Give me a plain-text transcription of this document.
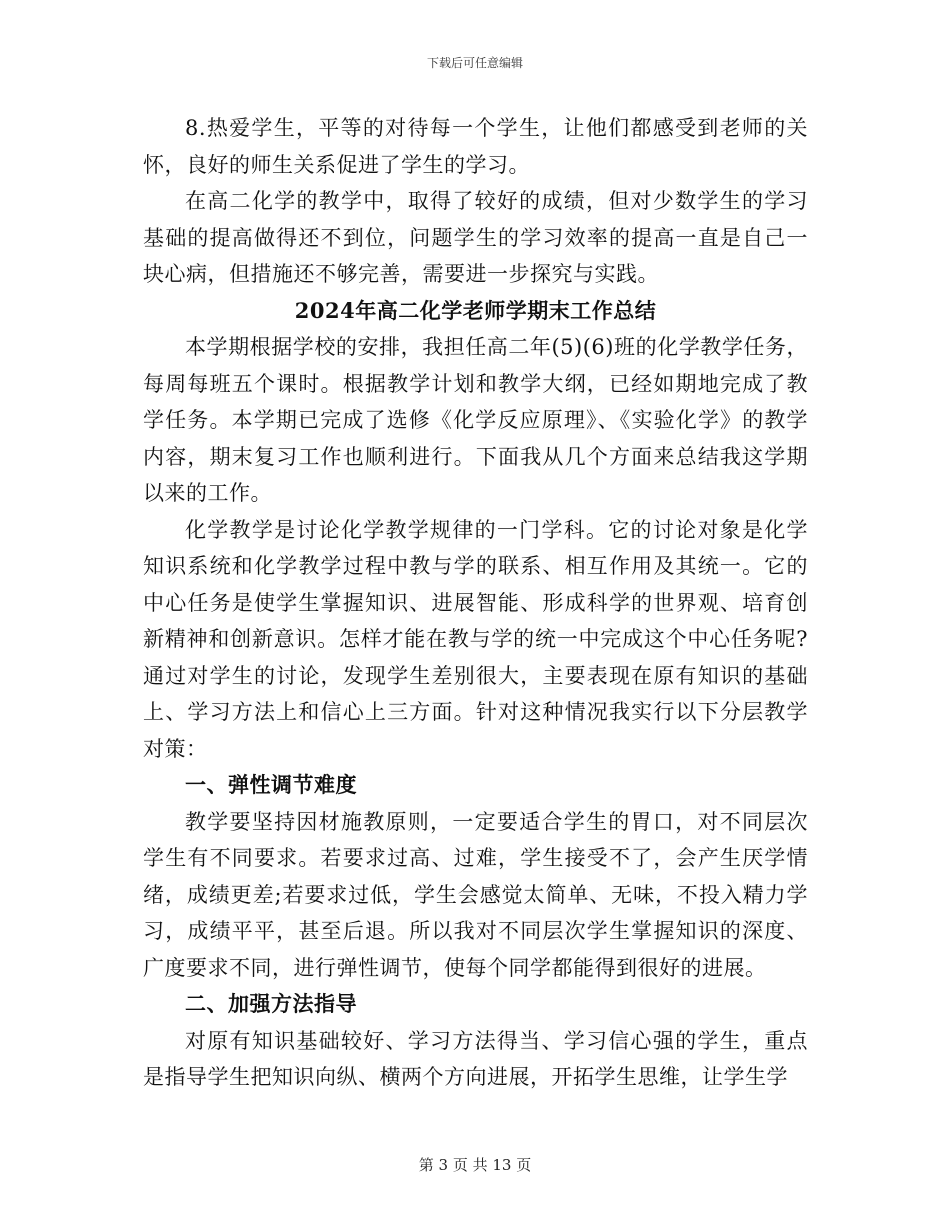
下载后可任意编辑

8.热爱学生，平等的对待每一个学生，让他们都感受到老师的关怀，良好的师生关系促进了学生的学习。

在高二化学的教学中，取得了较好的成绩，但对少数学生的学习基础的提高做得还不到位，问题学生的学习效率的提高一直是自己一块心病，但措施还不够完善，需要进一步探究与实践。

2024年高二化学老师学期末工作总结

本学期根据学校的安排，我担任高二年(5)(6)班的化学教学任务，每周每班五个课时。根据教学计划和教学大纲，已经如期地完成了教学任务。本学期已完成了选修《化学反应原理》、《实验化学》的教学内容，期末复习工作也顺利进行。下面我从几个方面来总结我这学期以来的工作。

化学教学是讨论化学教学规律的一门学科。它的讨论对象是化学知识系统和化学教学过程中教与学的联系、相互作用及其统一。它的中心任务是使学生掌握知识、进展智能、形成科学的世界观、培育创新精神和创新意识。怎样才能在教与学的统一中完成这个中心任务呢?通过对学生的讨论，发现学生差别很大，主要表现在原有知识的基础上、学习方法上和信心上三方面。针对这种情况我实行以下分层教学对策：

一、弹性调节难度

教学要坚持因材施教原则，一定要适合学生的胃口，对不同层次学生有不同要求。若要求过高、过难，学生接受不了，会产生厌学情绪，成绩更差;若要求过低，学生会感觉太简单、无味，不投入精力学习，成绩平平，甚至后退。所以我对不同层次学生掌握知识的深度、广度要求不同，进行弹性调节，使每个同学都能得到很好的进展。

二、加强方法指导

对原有知识基础较好、学习方法得当、学习信心强的学生，重点是指导学生把知识向纵、横两个方向进展，开拓学生思维，让学生学

第 3 页 共 13 页
